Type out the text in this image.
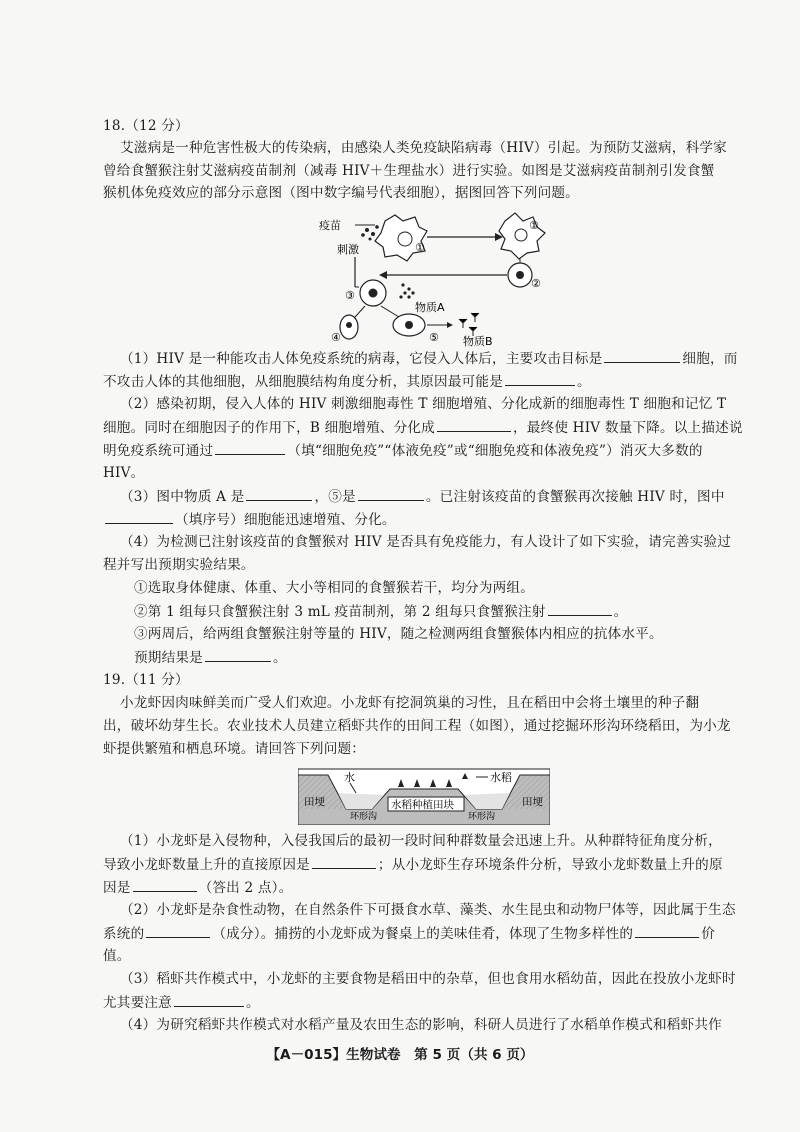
18.（12 分）
艾滋病是一种危害性极大的传染病，由感染人类免疫缺陷病毒（HIV）引起。为预防艾滋病，科学家
曾给食蟹猴注射艾滋病疫苗制剂（减毒 HIV＋生理盐水）进行实验。如图是艾滋病疫苗制剂引发食蟹
猴机体免疫效应的部分示意图（图中数字编号代表细胞），据图回答下列问题。
疫苗
刺激	①
①
②
③
物质A
④	⑤ 物质B
（1）HIV 是一种能攻击人体免疫系统的病毒，它侵入人体后，主要攻击目标是	细胞，而
不攻击人体的其他细胞，从细胞膜结构角度分析，其原因最可能是	。
（2）感染初期，侵入人体的 HIV 刺激细胞毒性 T 细胞增殖、分化成新的细胞毒性 T 细胞和记忆 T
细胞。同时在细胞因子的作用下，B 细胞增殖、分化成	，最终使 HIV 数量下降。以上描述说
明免疫系统可通过	（填“细胞免疫”“体液免疫”或“细胞免疫和体液免疫”）消灭大多数的
HIV。
（3）图中物质 A 是	，⑤是	。已注射该疫苗的食蟹猴再次接触 HIV 时，图中
（填序号）细胞能迅速增殖、分化。
（4）为检测已注射该疫苗的食蟹猴对 HIV 是否具有免疫能力，有人设计了如下实验，请完善实验过
程并写出预期实验结果。
①选取身体健康、体重、大小等相同的食蟹猴若干，均分为两组。
②第 1 组每只食蟹猴注射 3 mL 疫苗制剂，第 2 组每只食蟹猴注射	。
③两周后，给两组食蟹猴注射等量的 HIV，随之检测两组食蟹猴体内相应的抗体水平。
预期结果是	。
19.（11 分）
小龙虾因肉味鲜美而广受人们欢迎。小龙虾有挖洞筑巢的习性，且在稻田中会将土壤里的种子翻
出，破坏幼芽生长。农业技术人员建立稻虾共作的田间工程（如图），通过挖掘环形沟环绕稻田，为小龙
虾提供繁殖和栖息环境。请回答下列问题：
水稻种植田块
田埂	田埂
水	水稻
环形沟	环形沟
（1）小龙虾是入侵物种，入侵我国后的最初一段时间种群数量会迅速上升。从种群特征角度分析，
导致小龙虾数量上升的直接原因是	；从小龙虾生存环境条件分析，导致小龙虾数量上升的原
因是	（答出 2 点）。
（2）小龙虾是杂食性动物，在自然条件下可摄食水草、藻类、水生昆虫和动物尸体等，因此属于生态
系统的	（成分）。捕捞的小龙虾成为餐桌上的美味佳肴，体现了生物多样性的	价
值。
（3）稻虾共作模式中，小龙虾的主要食物是稻田中的杂草，但也食用水稻幼苗，因此在投放小龙虾时
尤其要注意	。
（4）为研究稻虾共作模式对水稻产量及农田生态的影响，科研人员进行了水稻单作模式和稻虾共作
【A－015】生物试卷　第 5 页（共 6 页）
